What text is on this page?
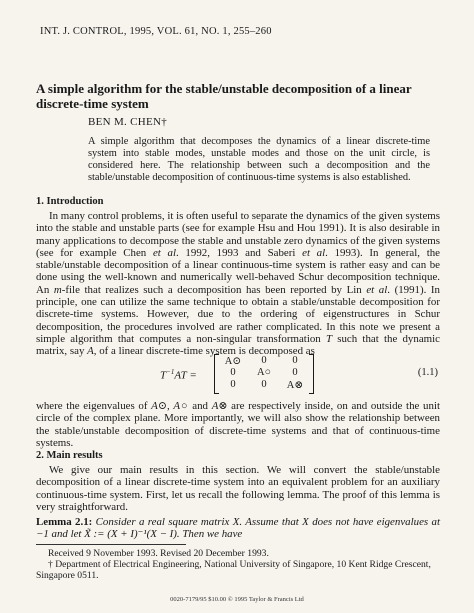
INT. J. CONTROL, 1995, VOL. 61, NO. 1, 255–260
A simple algorithm for the stable/unstable decomposition of a linear discrete-time system
BEN M. CHEN†
A simple algorithm that decomposes the dynamics of a linear discrete-time system into stable modes, unstable modes and those on the unit circle, is considered here. The relationship between such a decomposition and the stable/unstable decomposition of continuous-time systems is also established.
1. Introduction
In many control problems, it is often useful to separate the dynamics of the given systems into the stable and unstable parts (see for example Hsu and Hou 1991). It is also desirable in many applications to decompose the stable and unstable zero dynamics of the given systems (see for example Chen et al. 1992, 1993 and Saberi et al. 1993). In general, the stable/unstable decomposition of a linear continuous-time system is rather easy and can be done using the well-known and numerically well-behaved Schur decomposition technique. An m-file that realizes such a decomposition has been reported by Lin et al. (1991). In principle, one can utilize the same technique to obtain a stable/unstable decomposition for discrete-time systems. However, due to the ordering of eigenstructures in Schur decomposition, the procedures involved are rather complicated. In this note we present a simple algorithm that computes a non-singular transformation T such that the dynamic matrix, say A, of a linear discrete-time system is decomposed as
$T^{-1}AT$ =
A⊙	0	0
0	A○	0
0	0	A⊗
(1.1)
where the eigenvalues of A⊙, A○ and A⊗ are respectively inside, on and outside the unit circle of the complex plane. More importantly, we will also show the relationship between the stable/unstable decomposition of discrete-time systems and that of continuous-time systems.
2. Main results
We give our main results in this section. We will convert the stable/unstable decomposition of a linear discrete-time system into an equivalent problem for an auxiliary continuous-time system. First, let us recall the following lemma. The proof of this lemma is very straightforward.
Lemma 2.1: Consider a real square matrix X. Assume that X does not have eigenvalues at −1 and let X̃ := (X + I)⁻¹(X − I). Then we have
Received 9 November 1993. Revised 20 December 1993.
† Department of Electrical Engineering, National University of Singapore, 10 Kent Ridge Crescent, Singapore 0511.
0020-7179/95 $10.00 © 1995 Taylor & Francis Ltd
